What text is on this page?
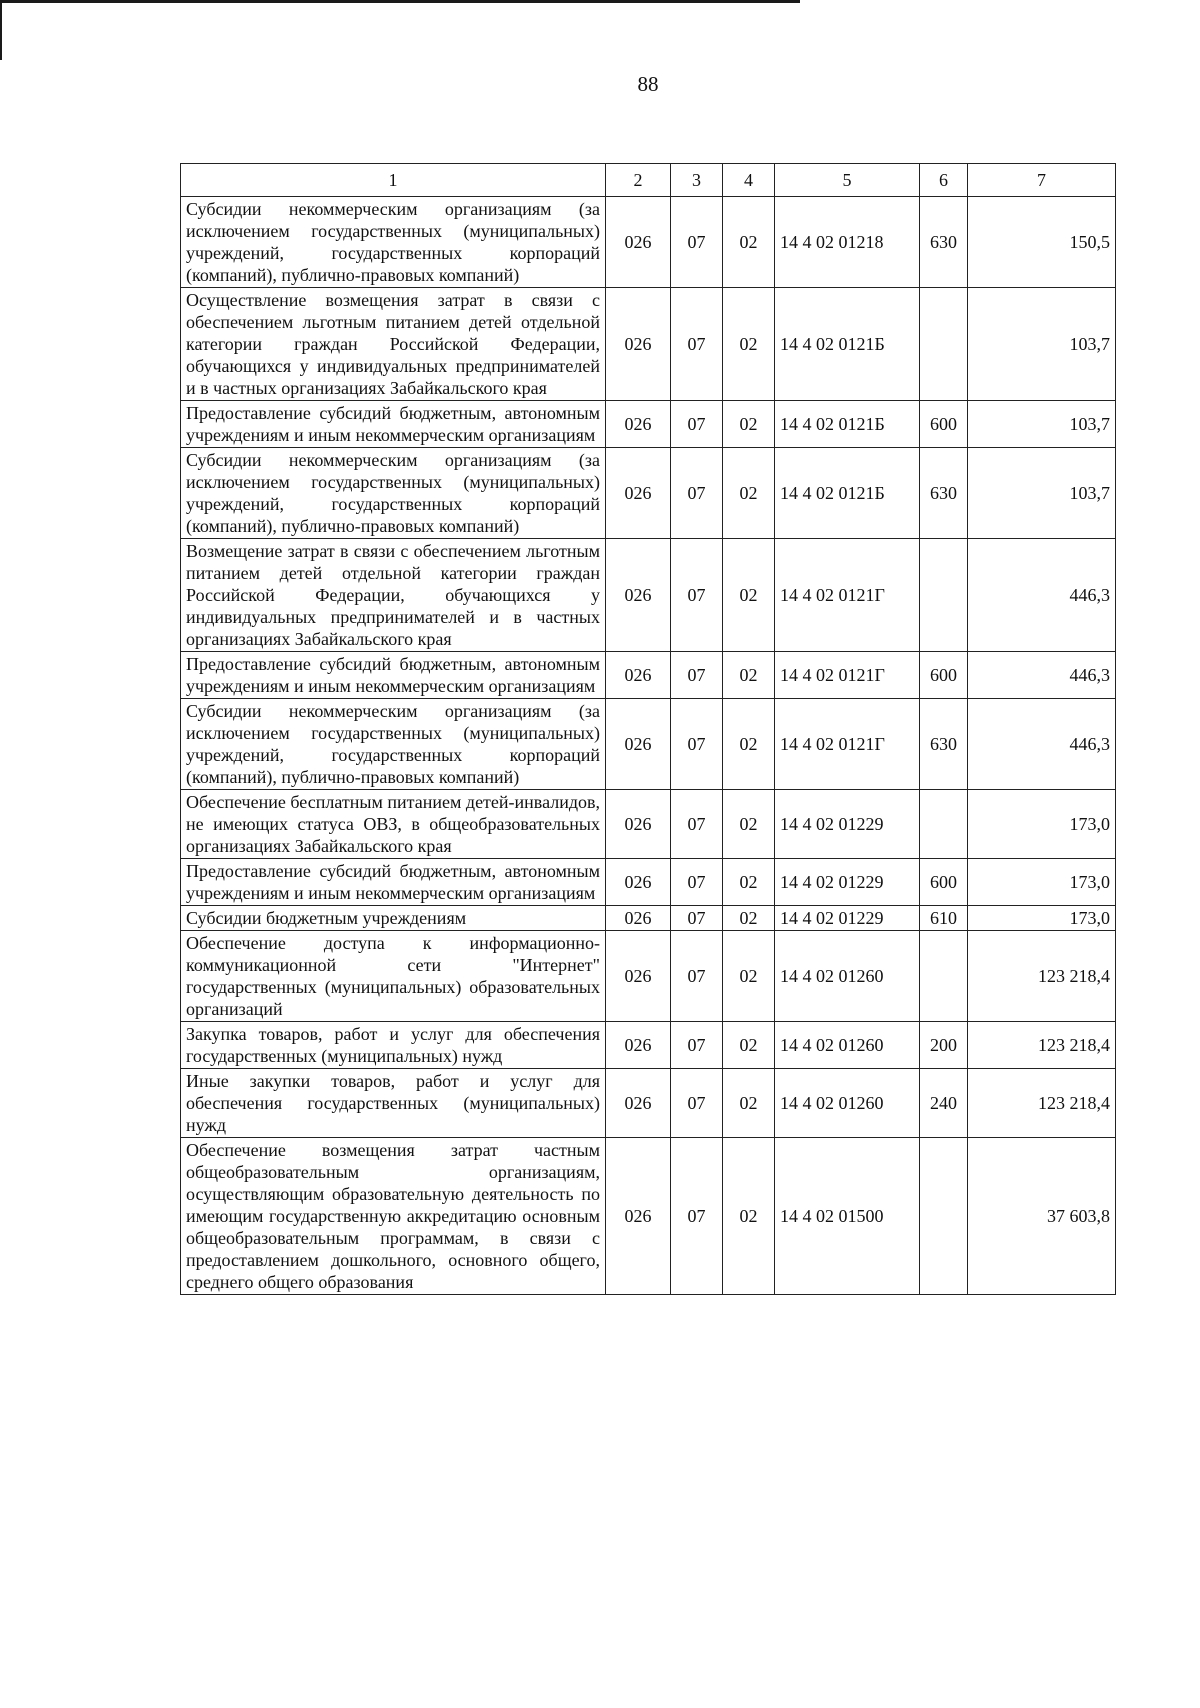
88
1	2	3	4	5	6	7
Субсидии некоммерческим организациям (за исключением государственных (муниципальных) учреждений, государственных корпораций (компаний), публично-правовых компаний)	026	07	02	14 4 02 01218	630	150,5
Осуществление возмещения затрат в связи с обеспечением льготным питанием детей отдельной категории граждан Российской Федерации, обучающихся у индивидуальных предпринимателей и в частных организациях Забайкальского края	026	07	02	14 4 02 0121Б		103,7
Предоставление субсидий бюджетным, автономным учреждениям и иным некоммерческим организациям	026	07	02	14 4 02 0121Б	600	103,7
Субсидии некоммерческим организациям (за исключением государственных (муниципальных) учреждений, государственных корпораций (компаний), публично-правовых компаний)	026	07	02	14 4 02 0121Б	630	103,7
Возмещение затрат в связи с обеспечением льготным питанием детей отдельной категории граждан Российской Федерации, обучающихся у индивидуальных предпринимателей и в частных организациях Забайкальского края	026	07	02	14 4 02 0121Г		446,3
Предоставление субсидий бюджетным, автономным учреждениям и иным некоммерческим организациям	026	07	02	14 4 02 0121Г	600	446,3
Субсидии некоммерческим организациям (за исключением государственных (муниципальных) учреждений, государственных корпораций (компаний), публично-правовых компаний)	026	07	02	14 4 02 0121Г	630	446,3
Обеспечение бесплатным питанием детей-инвалидов, не имеющих статуса ОВЗ, в общеобразовательных организациях Забайкальского края	026	07	02	14 4 02 01229		173,0
Предоставление субсидий бюджетным, автономным учреждениям и иным некоммерческим организациям	026	07	02	14 4 02 01229	600	173,0
Субсидии бюджетным учреждениям	026	07	02	14 4 02 01229	610	173,0
Обеспечение доступа к информационно-коммуникационной сети "Интернет" государственных (муниципальных) образовательных организаций	026	07	02	14 4 02 01260		123 218,4
Закупка товаров, работ и услуг для обеспечения государственных (муниципальных) нужд	026	07	02	14 4 02 01260	200	123 218,4
Иные закупки товаров, работ и услуг для обеспечения государственных (муниципальных) нужд	026	07	02	14 4 02 01260	240	123 218,4
Обеспечение возмещения затрат частным общеобразовательным организациям, осуществляющим образовательную деятельность по имеющим государственную аккредитацию основным общеобразовательным программам, в связи с предоставлением дошкольного, основного общего, среднего общего образования	026	07	02	14 4 02 01500		37 603,8
